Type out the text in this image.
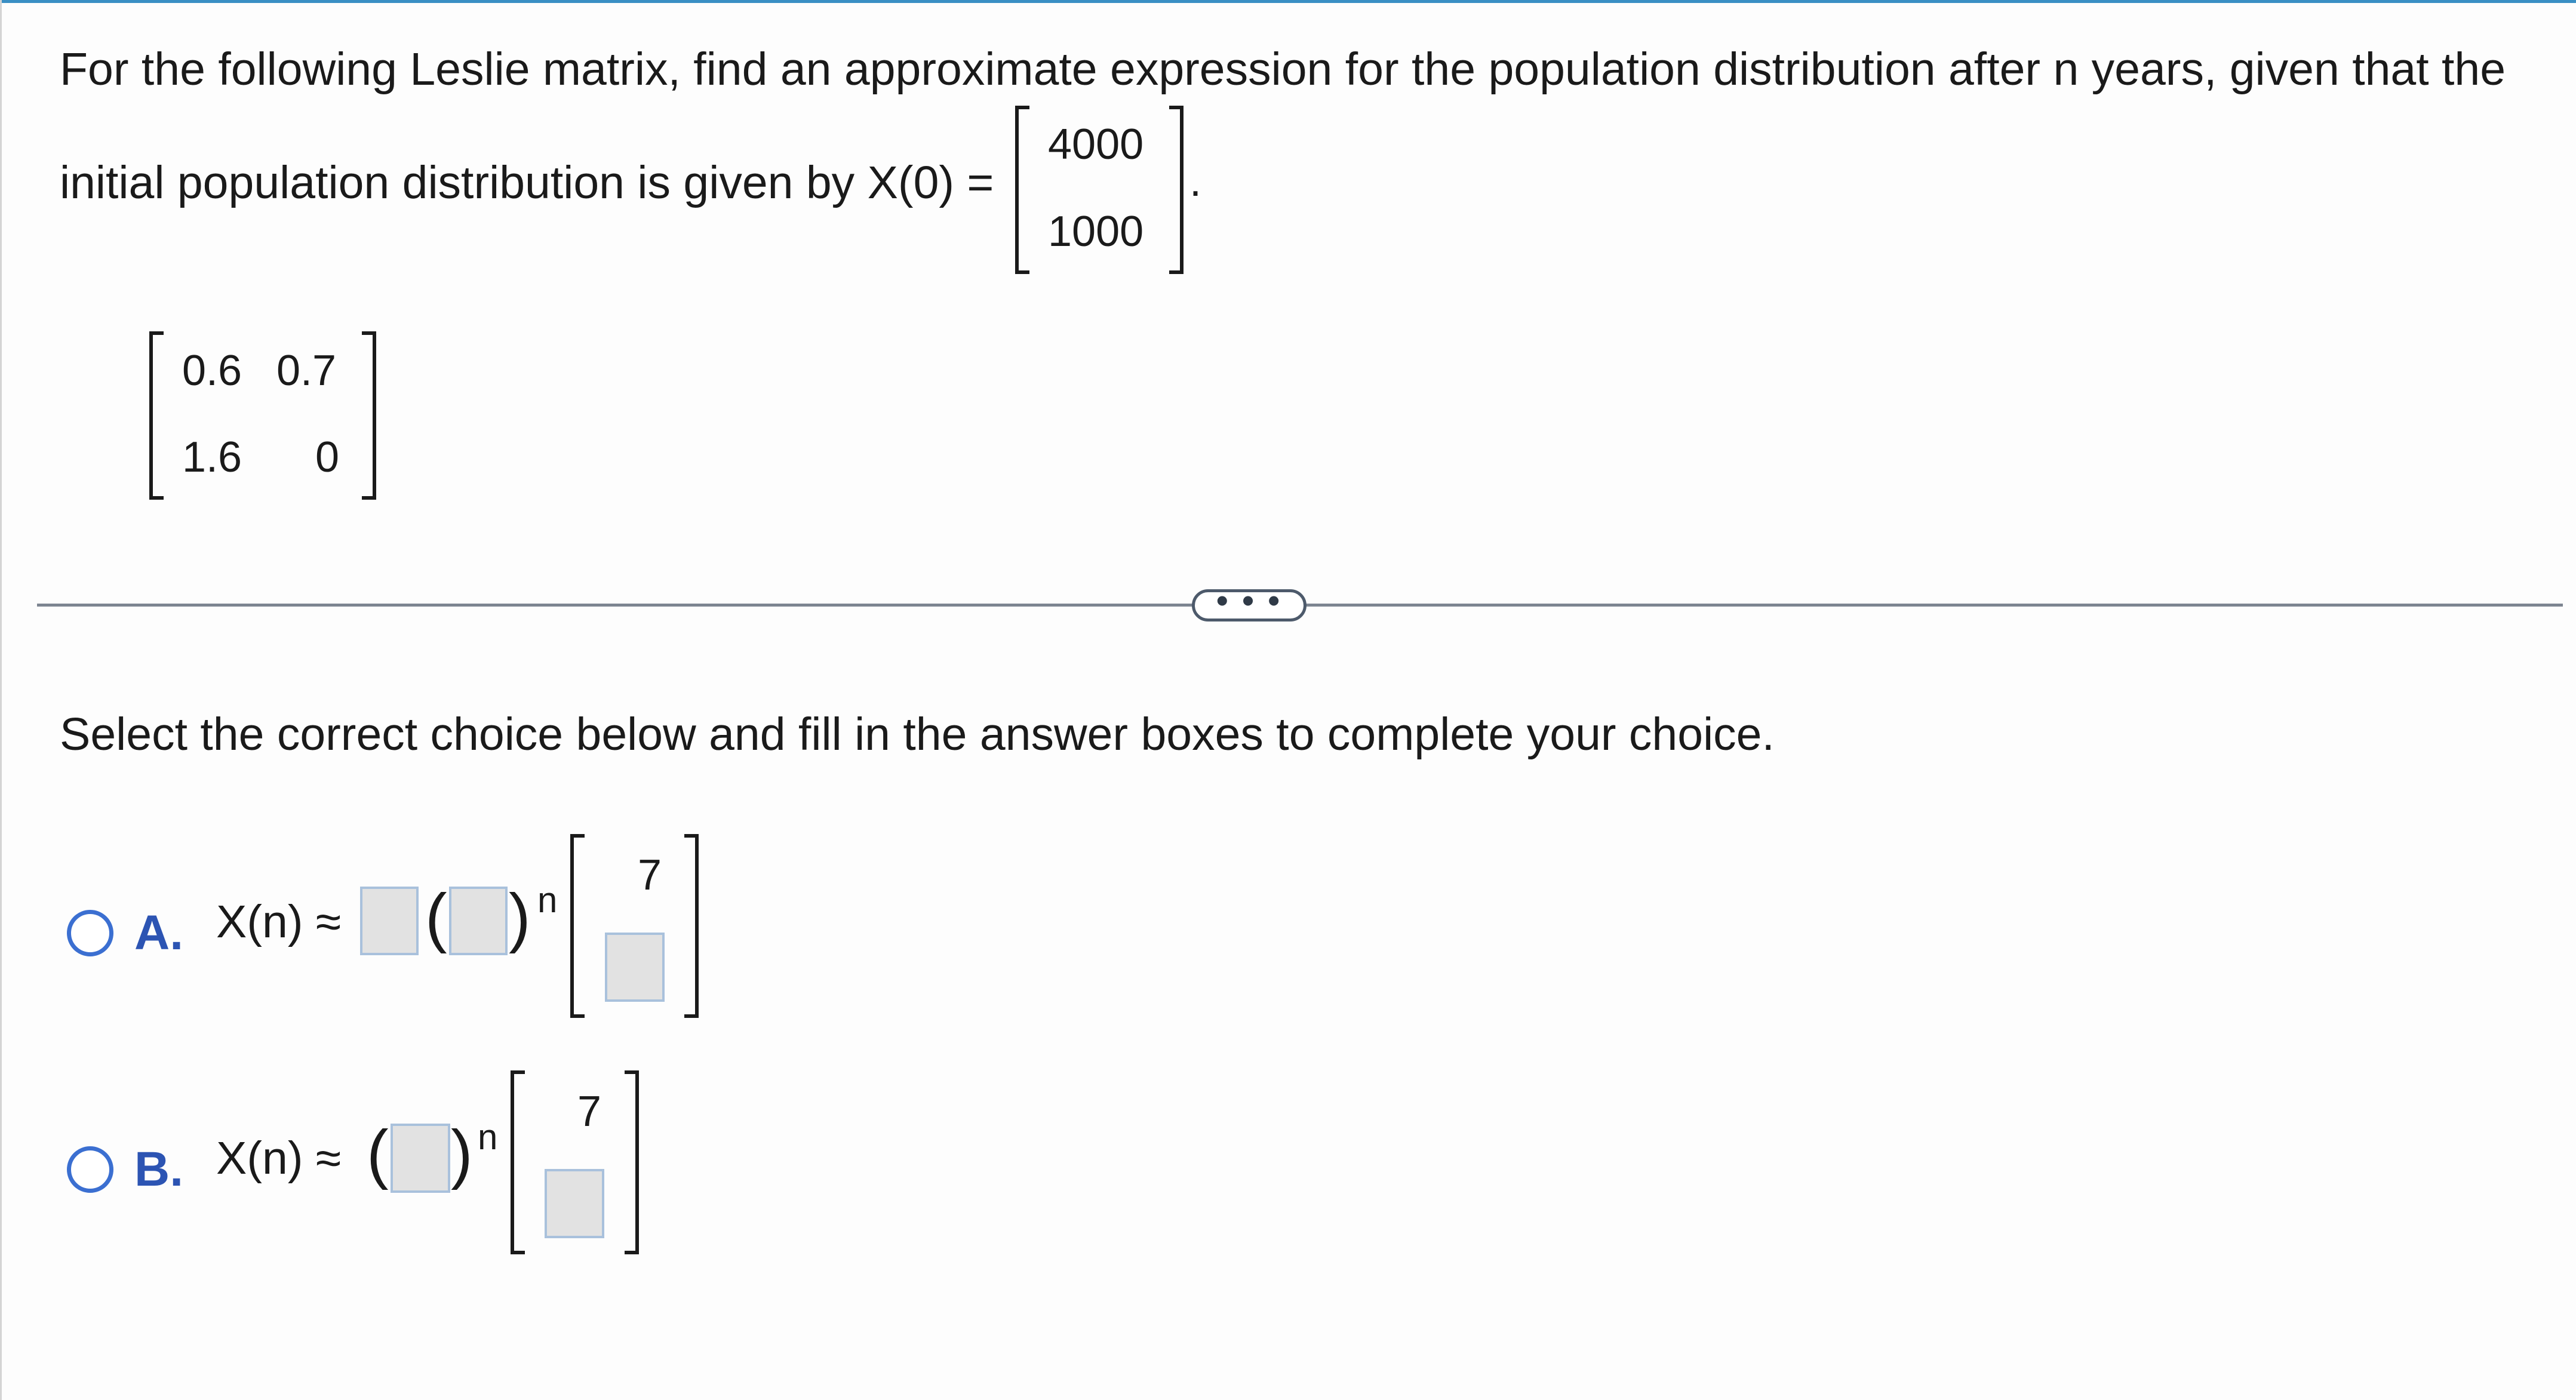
For the following Leslie matrix, find an approximate expression for the population distribution after n years, given that the
initial population distribution is given by X(0) =
4000
1000
.
0.6 0.7
1.6 0
• • •
Select the correct choice below and fill in the answer boxes to complete your choice.
A. X(n) ≈ ( ) n
7
B. X(n) ≈ ( ) n
7
